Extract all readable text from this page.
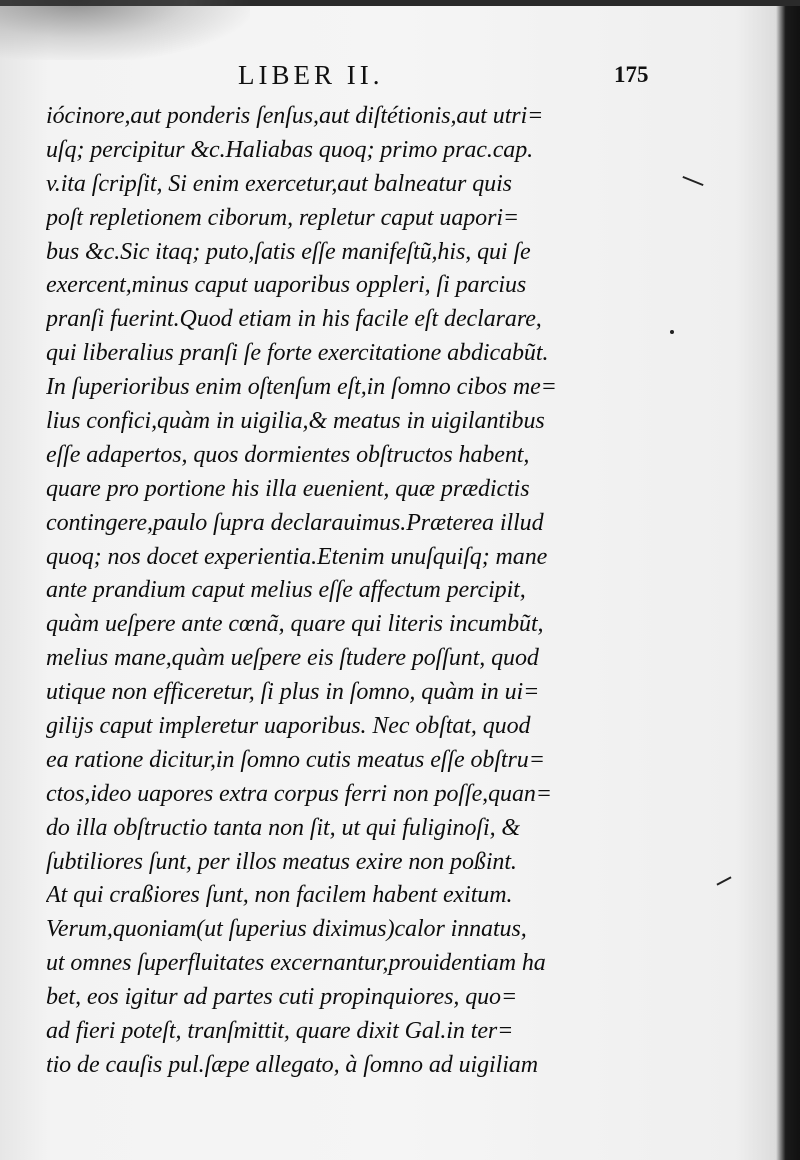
LIBER II.	175
iócinore,aut ponderis ſenſus,aut diſtétionis,aut utri=
uſq; percipitur &c.Haliabas quoq; primo prac.cap.
v.ita ſcripſit, Si enim exercetur,aut balneatur quis
poſt repletionem ciborum, repletur caput uapori=
bus &c.Sic itaq; puto,ſatis eſſe manifeſtũ,his, qui ſe
exercent,minus caput uaporibus oppleri, ſi parcius
pranſi fuerint.Quod etiam in his facile eſt declarare,
qui liberalius pranſi ſe forte exercitatione abdicabũt.
In ſuperioribus enim oſtenſum eſt,in ſomno cibos me=
lius confici,quàm in uigilia,& meatus in uigilantibus
eſſe adapertos, quos dormientes obſtructos habent,
quare pro portione his illa euenient, quæ prædictis
contingere,paulo ſupra declarauimus.Præterea illud
quoq; nos docet experientia.Etenim unuſquiſq; mane
ante prandium caput melius eſſe affectum percipit,
quàm ueſpere ante cœnã, quare qui literis incumbũt,
melius mane,quàm ueſpere eis ſtudere poſſunt, quod
utique non efficeretur, ſi plus in ſomno, quàm in ui=
giliјs caput impleretur uaporibus. Nec obſtat, quod
ea ratione dicitur,in ſomno cutis meatus eſſe obſtru=
ctos,ideo uapores extra corpus ferri non poſſe,quan=
do illa obſtructio tanta non ſit, ut qui fuliginoſi, &
ſubtiliores ſunt, per illos meatus exire non poßint.
At qui craßiores ſunt, non facilem habent exitum.
Verum,quoniam(ut ſuperius diximus)calor innatus,
ut omnes ſuperfluitates excernantur,prouidentiam ha
bet, eos igitur ad partes cuti propinquiores, quo=
ad fieri poteſt, tranſmittit, quare dixit Gal.in ter=
tio de cauſis pul.ſæpe allegato, à ſomno ad uigiliam
